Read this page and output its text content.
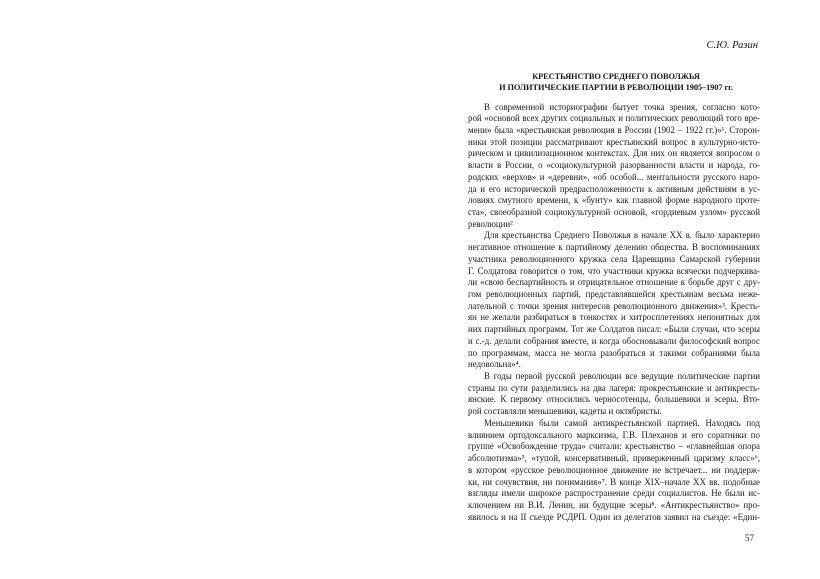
С.Ю. Разин
КРЕСТЬЯНСТВО СРЕДНЕГО ПОВОЛЖЬЯ
И ПОЛИТИЧЕСКИЕ ПАРТИИ В РЕВОЛЮЦИИ 1905–1907 гг.
В современной историографии бытует точка зрения, согласно кото-
рой «основой всех других социальных и политических революций того вре-
мени» была «крестьянская революция в России (1902 – 1922 гг.)»¹. Сторон-
ники этой позиции рассматривают крестьянский вопрос в культурно-исто-
рическом и цивилизационном контекстах. Для них он является вопросом о
власти в России, о «социокультурной разорванности власти и народа, го-
родских «верхов» и «деревни», «об особой... ментальности русского наро-
да и его исторической предрасположенности к активным действиям в ус-
ловиях смутного времени, к «бунту» как главной форме народного проте-
ста», своеобразной социокультурной основой, «гордиевым узлом» русской
революции²
Для крестьянства Среднего Поволжья в начале XX в. было характерно
негативное отношение к партийному делению общества. В воспоминаниях
участника революционного кружка села Царевщина Самарской губернии
Г. Солдатова говорится о том, что участники кружка всячески подчеркива-
ли «свою беспартийность и отрицательное отношение к борьбе друг с дру-
гом революционных партий, представлявшейся крестьянам весьма неже-
лательной с точки зрения интересов революционного движения»³. Кресть-
ян не желали разбираться в тонкостях и хитросплетениях непонятных для
них партийных программ. Тот же Солдатов писал: «Были случаи, что эсеры
и с.-д. делали собрания вместе, и когда обосновывали философский вопрос
по программам, масса не могла разобраться и такими собраниями была
недовольна»⁴.
В годы первой русской революции все ведущие политические партии
страны по сути разделились на два лагеря: прокрестьянские и антикресть-
янские. К первому относились черносотенцы, большевики и эсеры. Вто-
рой составляли меньшевики, кадеты и октябристы.
Меньшевики были самой антикрестьянской партией. Находясь под
влиянием ортодоксального марксизма, Г.В. Плеханов и его соратники по
группе «Освобождение труда» считали: крестьянство – «главнейшая опора
абсолютизма»⁵, «тупой, консервативный, приверженный царизму класс»⁶,
в котором «русское революционное движение не встречает... ни поддерж-
ки, ни сочувствия, ни понимания»⁷. В конце XIX–начале XX вв. подобные
взгляды имели широкое распространение среди социалистов. Не были ис-
ключением ни В.И. Ленин, ни будущие эсеры⁸. «Антикрестьянство» про-
явилось и на II съезде РСДРП. Один из делегатов заявил на съезде: «Един-
57
